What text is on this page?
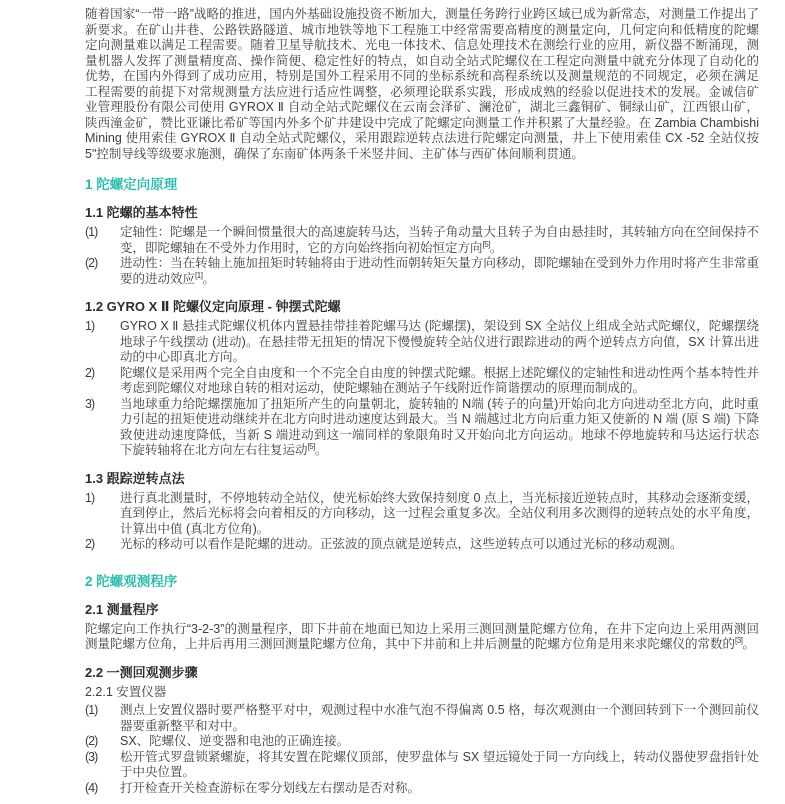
随着国家“一带一路”战略的推进，国内外基础设施投资不断加大，测量任务跨行业跨区域已成为新常态，对测量工作提出了新要求。在矿山井巷、公路铁路隧道、城市地铁等地下工程施工中经常需要高精度的测量定向，几何定向和低精度的陀螺定向测量难以满足工程需要。随着卫星导航技术、光电一体技术、信息处理技术在测绘行业的应用，新仪器不断涌现，测量机器人发挥了测量精度高、操作简便、稳定性好的特点，如自动全站式陀螺仪在工程定向测量中就充分体现了自动化的优势，在国内外得到了成功应用，特别是国外工程采用不同的坐标系统和高程系统以及测量规范的不同规定，必须在满足工程需要的前提下对常规测量方法应进行适应性调整，必须理论联系实践，形成成熟的经验以促进技术的发展。金诚信矿业管理股份有限公司使用 GYROX Ⅱ 自动全站式陀螺仪在云南会泽矿、澜沧矿，湖北三鑫铜矿、铜绿山矿，江西银山矿，陕西潼金矿，赞比亚谦比希矿等国内外多个矿井建设中完成了陀螺定向测量工作并积累了大量经验。在 Zambia Chambishi Mining 使用索佳 GYROX Ⅱ 自动全站式陀螺仪，采用跟踪逆转点法进行陀螺定向测量，井上下使用索佳 CX -52 全站仪按 5"控制导线等级要求施测，确保了东南矿体两条千米竖井间、主矿体与西矿体间顺利贯通。

1 陀螺定向原理
1.1 陀螺的基本特性
(1)	定轴性：陀螺是一个瞬间惯量很大的高速旋转马达，当转子角动量大且转子为自由悬挂时，其转轴方向在空间保持不变，即陀螺轴在不受外力作用时，它的方向始终指向初始恒定方向[5]。
(2)	进动性：当在转轴上施加扭矩时转轴将由于进动性而朝转矩矢量方向移动，即陀螺轴在受到外力作用时将产生非常重要的进动效应[1]。
1.2 GYRO X Ⅱ 陀螺仪定向原理 - 钟摆式陀螺
1)	GYRO X Ⅱ 悬挂式陀螺仪机体内置悬挂带挂着陀螺马达 (陀螺摆)，架设到 SX 全站仪上组成全站式陀螺仪，陀螺摆绕地球子午线摆动 (进动)。在悬挂带无扭矩的情况下慢慢旋转全站仪进行跟踪进动的两个逆转点方向值，SX 计算出进动的中心即真北方向。
2)	陀螺仪是采用两个完全自由度和一个不完全自由度的钟摆式陀螺。根据上述陀螺仪的定轴性和进动性两个基本特性并考虑到陀螺仪对地球自转的相对运动，使陀螺轴在测站子午线附近作简谐摆动的原理而制成的。
3)	当地球重力给陀螺摆施加了扭矩所产生的向量朝北，旋转轴的 N端 (转子的向量)开始向北方向进动至北方向，此时重力引起的扭矩使进动继续并在北方向时进动速度达到最大。当 N 端越过北方向后重力矩又使新的 N 端 (原 S 端) 下降致使进动速度降低，当新 S 端进动到这一端同样的象限角时又开始向北方向运动。地球不停地旋转和马达运行状态下旋转轴将在北方向左右往复运动[5]。
1.3 跟踪逆转点法
1)	进行真北测量时，不停地转动全站仪，使光标始终大致保持刻度 0 点上，当光标接近逆转点时，其移动会逐渐变缓，直到停止，然后光标将会向着相反的方向移动，这一过程会重复多次。全站仪利用多次测得的逆转点处的水平角度，计算出中值 (真北方位角)。
2)	光标的移动可以看作是陀螺的进动。正弦波的顶点就是逆转点，这些逆转点可以通过光标的移动观测。
2 陀螺观测程序
2.1 测量程序

陀螺定向工作执行“3-2-3”的测量程序，即下井前在地面已知边上采用三测回测量陀螺方位角，在井下定向边上采用两测回测量陀螺方位角，上井后再用三测回测量陀螺方位角，其中下井前和上井后测量的陀螺方位角是用来求陀螺仪的常数的[3]。

2.2 一测回观测步骤

2.2.1 安置仪器

(1)	测点上安置仪器时要严格整平对中，观测过程中水准气泡不得偏离 0.5 格，每次观测由一个测回转到下一个测回前仪器要重新整平和对中。
(2)	SX、陀螺仪、逆变器和电池的正确连接。
(3)	松开管式罗盘锁紧螺旋，将其安置在陀螺仪顶部，使罗盘体与 SX 望远镜处于同一方向线上，转动仪器使罗盘指针处于中央位置。
(4)	打开检查开关检查游标在零分划线左右摆动是否对称。
